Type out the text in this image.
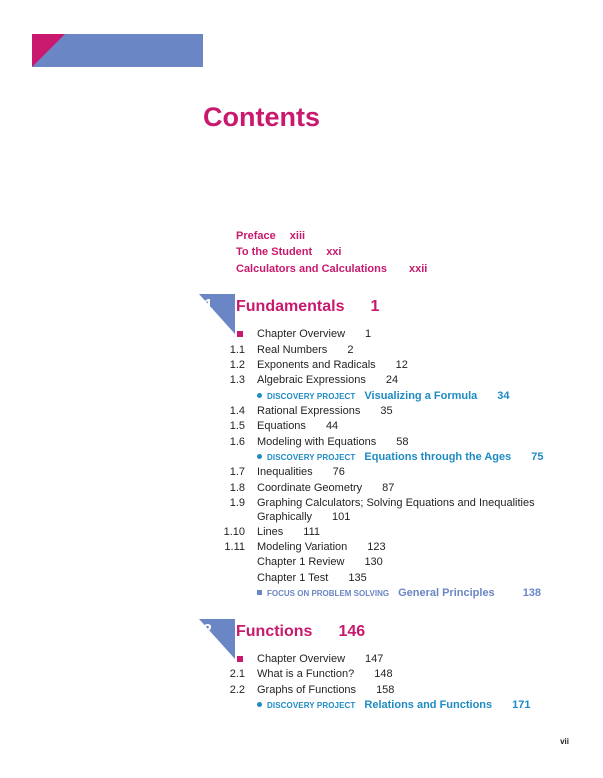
Contents
Preface xiii
To the Student xxi
Calculators and Calculations xxii
1 Fundamentals 1
Chapter Overview 1
1.1 Real Numbers 2
1.2 Exponents and Radicals 12
1.3 Algebraic Expressions 24
DISCOVERY PROJECT Visualizing a Formula 34
1.4 Rational Expressions 35
1.5 Equations 44
1.6 Modeling with Equations 58
DISCOVERY PROJECT Equations through the Ages 75
1.7 Inequalities 76
1.8 Coordinate Geometry 87
1.9 Graphing Calculators; Solving Equations and Inequalities
Graphically 101
1.10 Lines 111
1.11 Modeling Variation 123
Chapter 1 Review 130
Chapter 1 Test 135
FOCUS ON PROBLEM SOLVING General Principles	138
2 Functions 146
Chapter Overview 147
2.1 What is a Function? 148
2.2 Graphs of Functions 158
DISCOVERY PROJECT Relations and Functions 171
vii
